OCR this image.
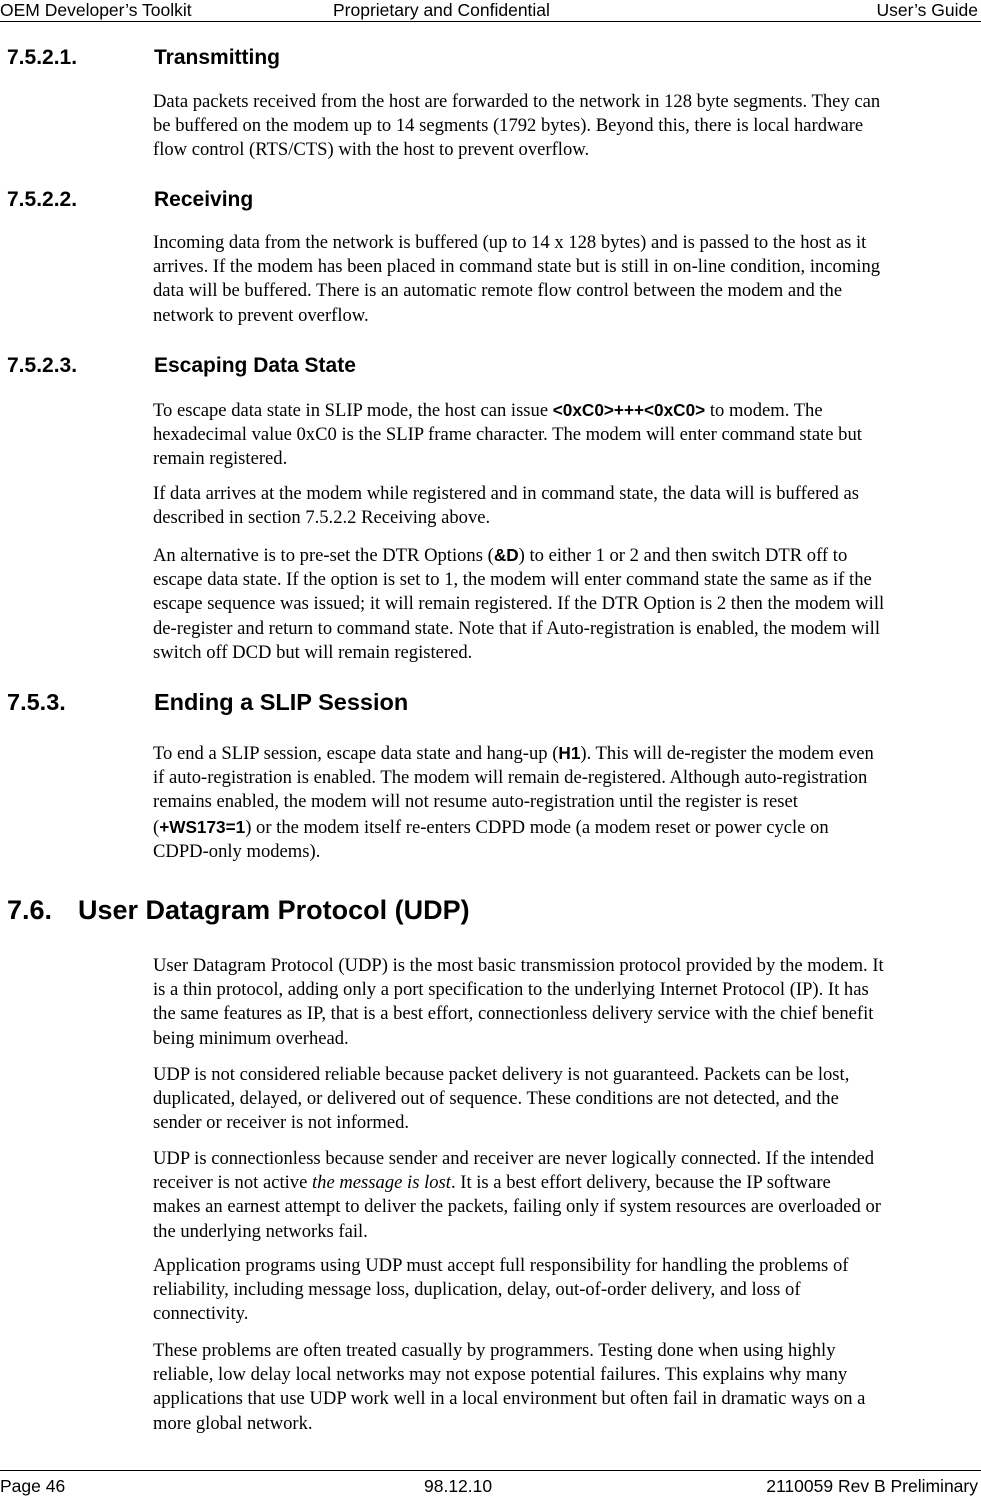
OEM Developer’s Toolkit	Proprietary and Confidential	User’s Guide
7.5.2.1.	Transmitting
Data packets received from the host are forwarded to the network in 128 byte segments. They can
be buffered on the modem up to 14 segments (1792 bytes). Beyond this, there is local hardware
flow control (RTS/CTS) with the host to prevent overflow.
7.5.2.2.	Receiving
Incoming data from the network is buffered (up to 14 x 128 bytes) and is passed to the host as it
arrives. If the modem has been placed in command state but is still in on-line condition, incoming
data will be buffered. There is an automatic remote flow control between the modem and the
network to prevent overflow.
7.5.2.3.	Escaping Data State
To escape data state in SLIP mode, the host can issue <0xC0>+++<0xC0> to modem. The
hexadecimal value 0xC0 is the SLIP frame character. The modem will enter command state but
remain registered.
If data arrives at the modem while registered and in command state, the data will is buffered as
described in section 7.5.2.2 Receiving above.
An alternative is to pre-set the DTR Options (&D) to either 1 or 2 and then switch DTR off to
escape data state. If the option is set to 1, the modem will enter command state the same as if the
escape sequence was issued; it will remain registered. If the DTR Option is 2 then the modem will
de-register and return to command state. Note that if Auto-registration is enabled, the modem will
switch off DCD but will remain registered.
7.5.3.	Ending a SLIP Session
To end a SLIP session, escape data state and hang-up (H1). This will de-register the modem even
if auto-registration is enabled. The modem will remain de-registered. Although auto-registration
remains enabled, the modem will not resume auto-registration until the register is reset
(+WS173=1) or the modem itself re-enters CDPD mode (a modem reset or power cycle on
CDPD-only modems).
7.6. User Datagram Protocol (UDP)
User Datagram Protocol (UDP) is the most basic transmission protocol provided by the modem. It
is a thin protocol, adding only a port specification to the underlying Internet Protocol (IP). It has
the same features as IP, that is a best effort, connectionless delivery service with the chief benefit
being minimum overhead.
UDP is not considered reliable because packet delivery is not guaranteed. Packets can be lost,
duplicated, delayed, or delivered out of sequence. These conditions are not detected, and the
sender or receiver is not informed.
UDP is connectionless because sender and receiver are never logically connected. If the intended
receiver is not active the message is lost. It is a best effort delivery, because the IP software
makes an earnest attempt to deliver the packets, failing only if system resources are overloaded or
the underlying networks fail.
Application programs using UDP must accept full responsibility for handling the problems of
reliability, including message loss, duplication, delay, out-of-order delivery, and loss of
connectivity.
These problems are often treated casually by programmers. Testing done when using highly
reliable, low delay local networks may not expose potential failures. This explains why many
applications that use UDP work well in a local environment but often fail in dramatic ways on a
more global network.
Page 46	98.12.10	2110059 Rev B Preliminary
